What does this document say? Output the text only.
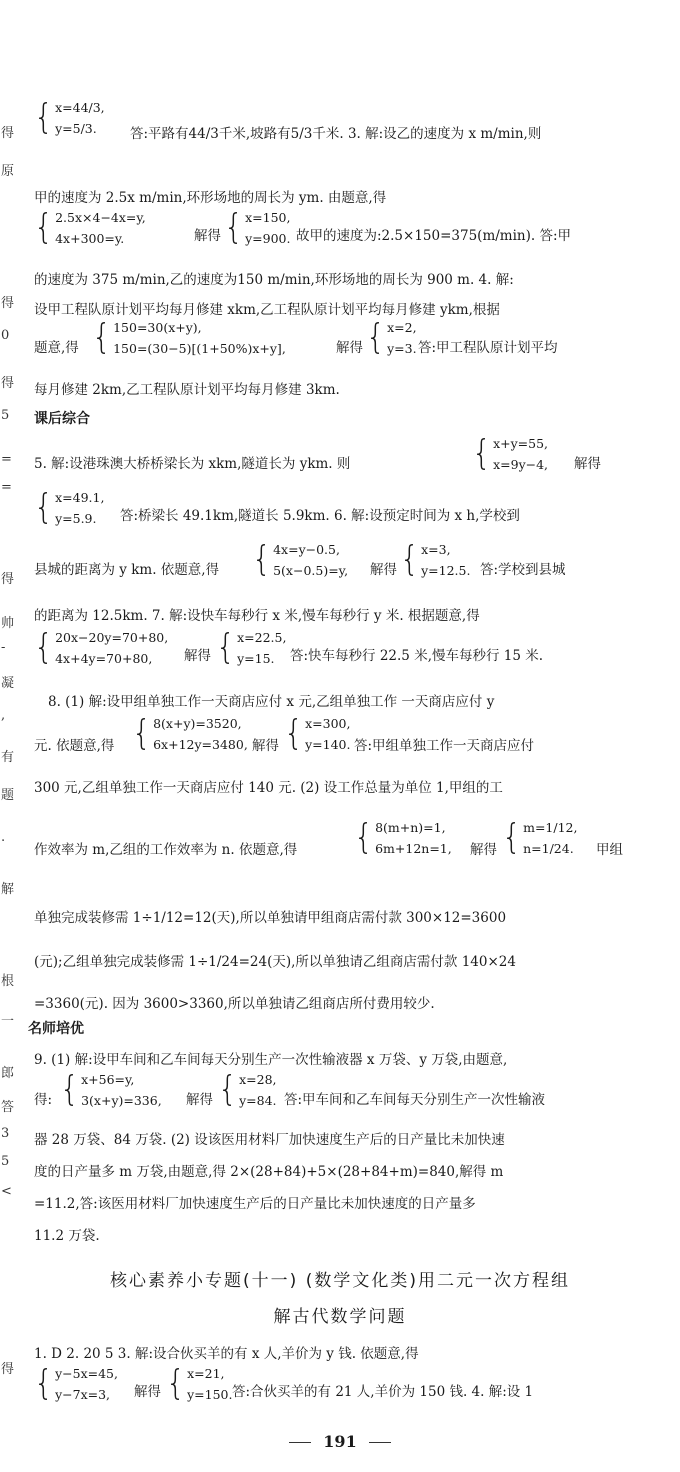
得
原
得
0
得
5
=
=
得
帅
-
凝
,
有
题
.
解
根
一
郎
答
3
5
<
得
{ x=44/3,
y=5/3.	答:平路有44/3千米,坡路有5/3千米. 3. 解:设乙的速度为 x m/min,则
甲的速度为 2.5x m/min,环形场地的周长为 ym. 由题意,得
{ 2.5x×4−4x=y,
4x+300=y.	解得 { x=150,
y=900. 故甲的速度为:2.5×150=375(m/min). 答:甲
的速度为 375 m/min,乙的速度为150 m/min,环形场地的周长为 900 m. 4. 解:
设甲工程队原计划平均每月修建 xkm,乙工程队原计划平均每月修建 ykm,根据
题意,得 { 150=30(x+y),
150=(30−5)[(1+50%)x+y],	解得 { x=2,
y=3. 答:甲工程队原计划平均
每月修建 2km,乙工程队原计划平均每月修建 3km.
课后综合
5. 解:设港珠澳大桥桥梁长为 xkm,隧道长为 ykm. 则	{ x+y=55,
x=9y−4, 解得
{ x=49.1,
y=5.9.	答:桥梁长 49.1km,隧道长 5.9km. 6. 解:设预定时间为 x h,学校到
县城的距离为 y km. 依题意,得 { 4x=y−0.5,
5(x−0.5)=y, 解得 { x=3,
y=12.5. 答:学校到县城
的距离为 12.5km. 7. 解:设快车每秒行 x 米,慢车每秒行 y 米. 根据题意,得
{ 20x−20y=70+80,
4x+4y=70+80,	解得 { x=22.5,
y=15.	答:快车每秒行 22.5 米,慢车每秒行 15 米.
8. (1) 解:设甲组单独工作一天商店应付 x 元,乙组单独工作 一天商店应付 y
元. 依题意,得 { 8(x+y)=3520,
6x+12y=3480, 解得 { x=300,
y=140. 答:甲组单独工作一天商店应付
300 元,乙组单独工作一天商店应付 140 元. (2) 设工作总量为单位 1,甲组的工
作效率为 m,乙组的工作效率为 n. 依题意,得 { 8(m+n)=1,
6m+12n=1, 解得 { m=1/12,
n=1/24. 甲组
单独完成装修需 1÷1/12=12(天),所以单独请甲组商店需付款 300×12=3600
(元);乙组单独完成装修需 1÷1/24=24(天),所以单独请乙组商店需付款 140×24
=3360(元). 因为 3600>3360,所以单独请乙组商店所付费用较少.
名师培优
9. (1) 解:设甲车间和乙车间每天分别生产一次性输液器 x 万袋、y 万袋,由题意,
得: { x+56=y,
3(x+y)=336, 解得 { x=28,
y=84. 答:甲车间和乙车间每天分别生产一次性输液
器 28 万袋、84 万袋. (2) 设该医用材料厂加快速度生产后的日产量比未加快速
度的日产量多 m 万袋,由题意,得 2×(28+84)+5×(28+84+m)=840,解得 m
=11.2,答:该医用材料厂加快速度生产后的日产量比未加快速度的日产量多
11.2 万袋.
核心素养小专题(十一) (数学文化类)用二元一次方程组
解古代数学问题
1. D 2. 20 5 3. 解:设合伙买羊的有 x 人,羊价为 y 钱. 依题意,得
{ y−5x=45,
y−7x=3,	解得 { x=21,
y=150. 答:合伙买羊的有 21 人,羊价为 150 钱. 4. 解:设 1
191
